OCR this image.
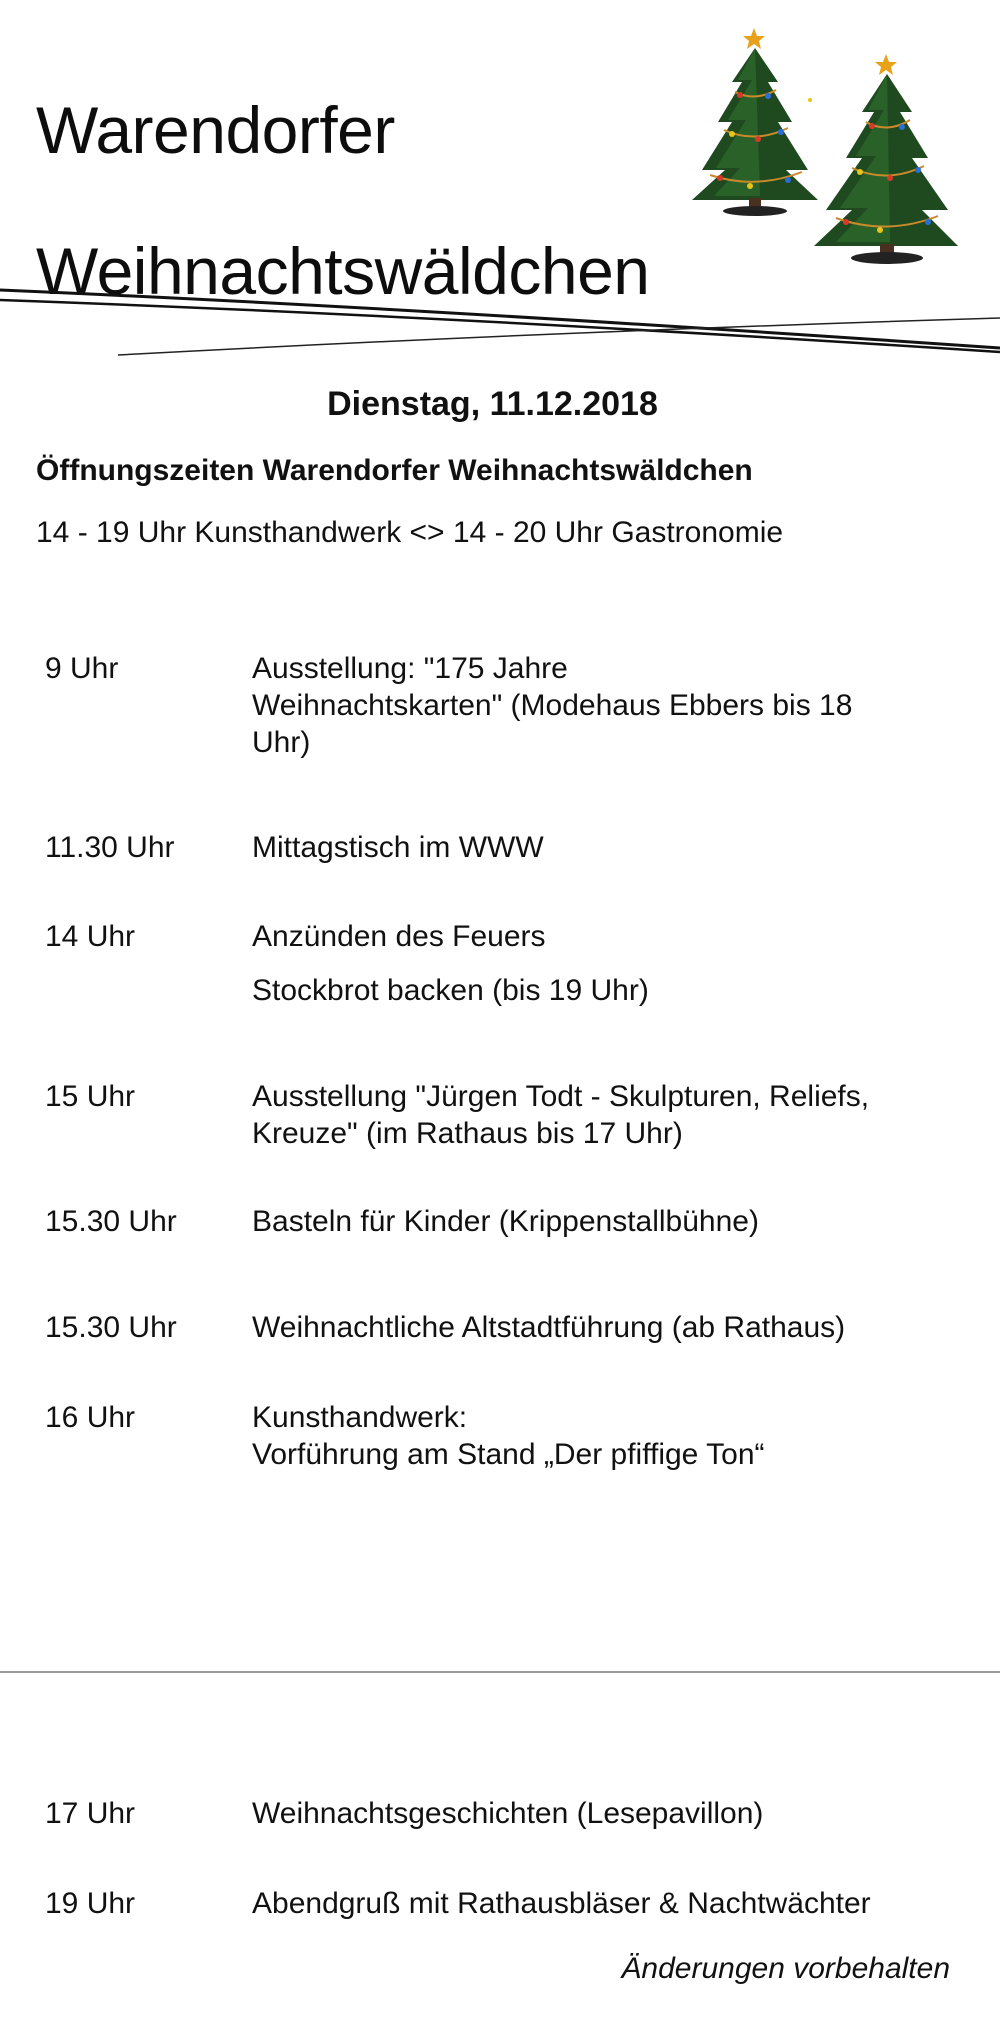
Warendorfer
Weihnachtswäldchen
Dienstag, 11.12.2018
Öffnungszeiten Warendorfer Weihnachtswäldchen
14 - 19 Uhr Kunsthandwerk <> 14 - 20 Uhr Gastronomie
9 Uhr	Ausstellung: "175 Jahre
Weihnachtskarten" (Modehaus Ebbers bis 18
Uhr)
11.30 Uhr	Mittagstisch im WWW
14 Uhr	Anzünden des Feuers
Stockbrot backen (bis 19 Uhr)
15 Uhr	Ausstellung "Jürgen Todt - Skulpturen, Reliefs,
Kreuze" (im Rathaus bis 17 Uhr)
15.30 Uhr	Basteln für Kinder (Krippenstallbühne)
15.30 Uhr	Weihnachtliche Altstadtführung (ab Rathaus)
16 Uhr	Kunsthandwerk:
Vorführung am Stand „Der pfiffige Ton“
17 Uhr	Weihnachtsgeschichten (Lesepavillon)
19 Uhr	Abendgruß mit Rathausbläser & Nachtwächter
Änderungen vorbehalten
